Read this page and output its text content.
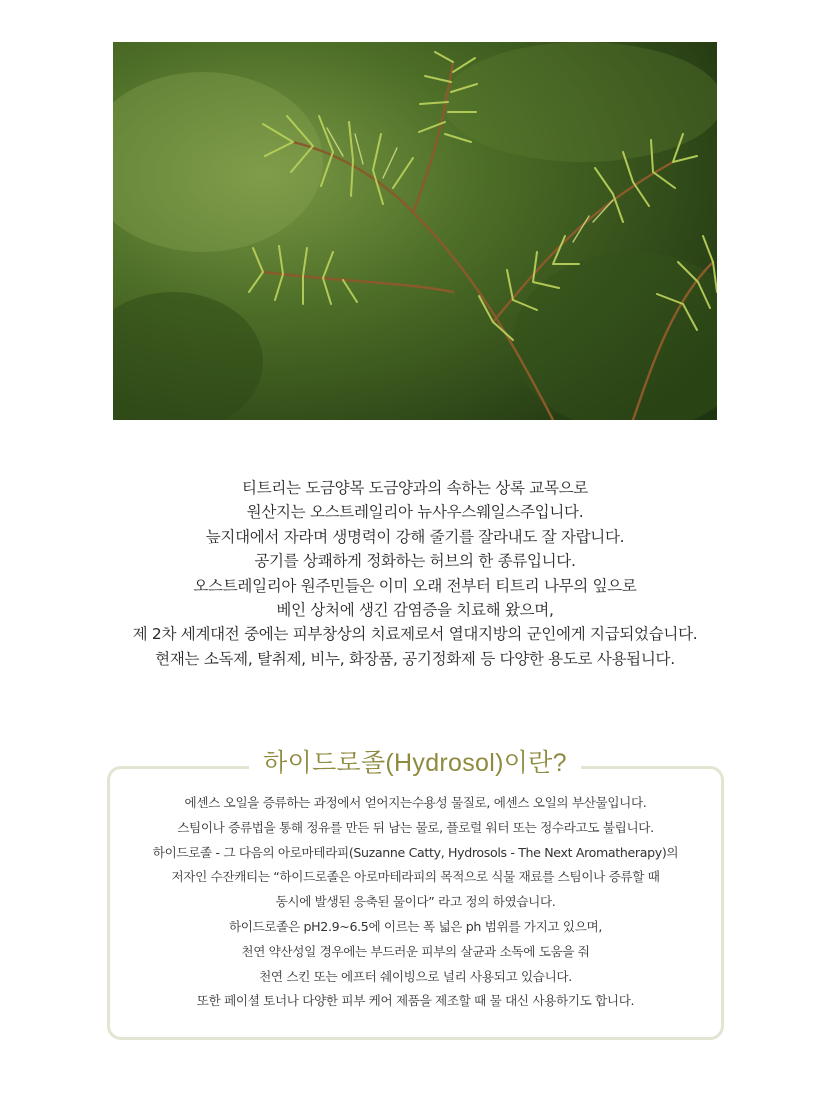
티트리는 도금양목 도금양과의 속하는 상록 교목으로

원산지는 오스트레일리아 뉴사우스웨일스주입니다.

늪지대에서 자라며 생명력이 강해 줄기를 잘라내도 잘 자랍니다.

공기를 상쾌하게 정화하는 허브의 한 종류입니다.

오스트레일리아 원주민들은 이미 오래 전부터 티트리 나무의 잎으로

베인 상처에 생긴 감염증을 치료해 왔으며,

제 2차 세계대전 중에는 피부창상의 치료제로서 열대지방의 군인에게 지급되었습니다.

현재는 소독제, 탈취제, 비누, 화장품, 공기정화제 등 다양한 용도로 사용됩니다.

하이드로졸(Hydrosol)이란?

에센스 오일을 증류하는 과정에서 얻어지는수용성 물질로, 에센스 오일의 부산물입니다.

스팀이나 증류법을 통해 정유를 만든 뒤 남는 물로, 플로럴 워터 또는 정수라고도 불립니다.

하이드로졸 - 그 다음의 아로마테라피(Suzanne Catty, Hydrosols - The Next Aromatherapy)의

저자인 수잔캐티는 “하이드로졸은 아로마테라피의 목적으로 식물 재료를 스팀이나 증류할 때

동시에 발생된 응축된 물이다” 라고 정의 하였습니다.

하이드로졸은 pH2.9~6.5에 이르는 폭 넓은 ph 범위를 가지고 있으며,

천연 약산성일 경우에는 부드러운 피부의 살균과 소독에 도움을 줘

천연 스킨 또는 에프터 쉐이빙으로 널리 사용되고 있습니다.

또한 페이셜 토너나 다양한 피부 케어 제품을 제조할 때 물 대신 사용하기도 합니다.
